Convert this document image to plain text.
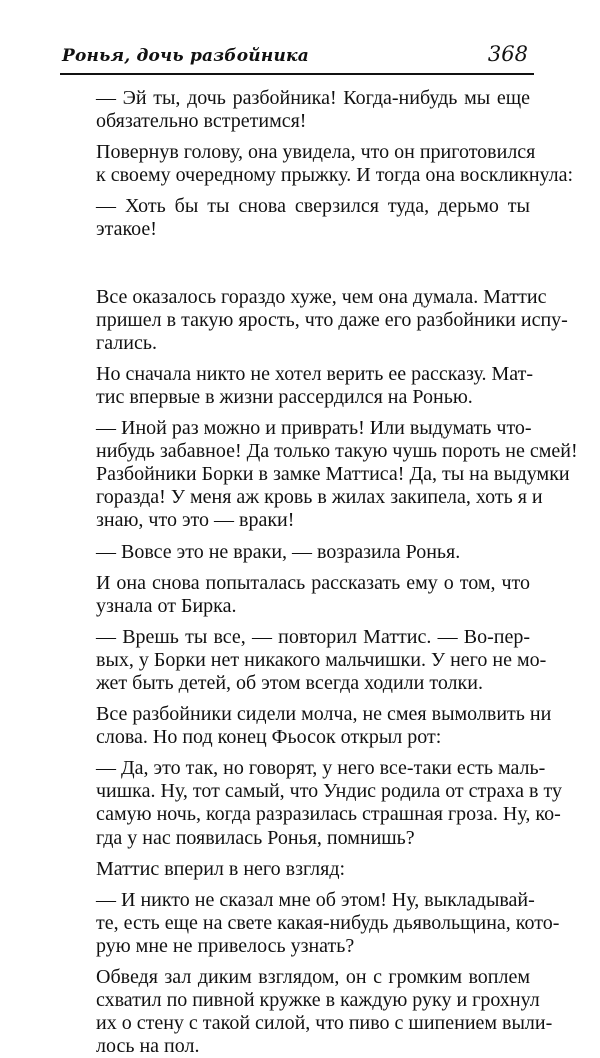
Ронья, дочь разбойника	368
— Эй ты, дочь разбойника! Когда-нибудь мы еще
обязательно встретимся!
Повернув голову, она увидела, что он приготовился
к своему очередному прыжку. И тогда она воскликнула:
— Хоть бы ты снова сверзился туда, дерьмо ты
этакое!
Все оказалось гораздо хуже, чем она думала. Маттис
пришел в такую ярость, что даже его разбойники испу-
гались.
Но сначала никто не хотел верить ее рассказу. Мат-
тис впервые в жизни рассердился на Ронью.
— Иной раз можно и приврать! Или выдумать что-
нибудь забавное! Да только такую чушь пороть не смей!
Разбойники Борки в замке Маттиса! Да, ты на выдумки
горазда! У меня аж кровь в жилах закипела, хоть я и
знаю, что это — враки!
— Вовсе это не враки, — возразила Ронья.
И она снова попыталась рассказать ему о том, что
узнала от Бирка.
— Врешь ты все, — повторил Маттис. — Во-пер-
вых, у Борки нет никакого мальчишки. У него не мо-
жет быть детей, об этом всегда ходили толки.
Все разбойники сидели молча, не смея вымолвить ни
слова. Но под конец Фьосок открыл рот:
— Да, это так, но говорят, у него все-таки есть маль-
чишка. Ну, тот самый, что Ундис родила от страха в ту
самую ночь, когда разразилась страшная гроза. Ну, ко-
гда у нас появилась Ронья, помнишь?
Маттис вперил в него взгляд:
— И никто не сказал мне об этом! Ну, выкладывай-
те, есть еще на свете какая-нибудь дьявольщина, кото-
рую мне не привелось узнать?
Обведя зал диким взглядом, он с громким воплем
схватил по пивной кружке в каждую руку и грохнул
их о стену с такой силой, что пиво с шипением выли-
лось на пол.
